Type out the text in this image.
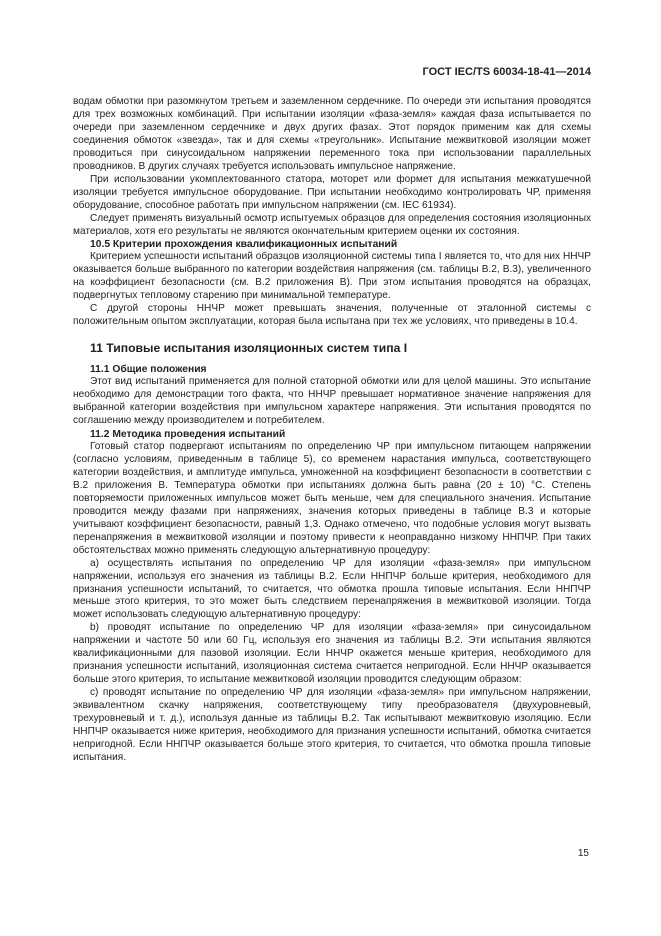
ГОСТ IEC/TS 60034-18-41—2014

водам обмотки при разомкнутом третьем и заземленном сердечнике. По очереди эти испытания проводятся для трех возможных комбинаций. При испытании изоляции «фаза-земля» каждая фаза испытывается по очереди при заземленном сердечнике и двух других фазах. Этот порядок применим как для схемы соединения обмоток «звезда», так и для схемы «треугольник». Испытание межвитковой изоляции может проводиться при синусоидальном напряжении переменного тока при использовании параллельных проводников. В других случаях требуется использовать импульсное напряжение.

При использовании укомплектованного статора, моторет или формет для испытания межкатушечной изоляции требуется импульсное оборудование. При испытании необходимо контролировать ЧР, применяя оборудование, способное работать при импульсном напряжении (см. IEC 61934).

Следует применять визуальный осмотр испытуемых образцов для определения состояния изоляционных материалов, хотя его результаты не являются окончательным критерием оценки их состояния.

10.5 Критерии прохождения квалификационных испытаний

Критерием успешности испытаний образцов изоляционной системы типа I является то, что для них ННЧР оказывается больше выбранного по категории воздействия напряжения (см. таблицы В.2, В.3), увеличенного на коэффициент безопасности (см. В.2 приложения В). При этом испытания проводятся на образцах, подвергнутых тепловому старению при минимальной температуре.

С другой стороны ННЧР может превышать значения, полученные от эталонной системы с положительным опытом эксплуатации, которая была испытана при тех же условиях, что приведены в 10.4.

11 Типовые испытания изоляционных систем типа I
11.1 Общие положения

Этот вид испытаний применяется для полной статорной обмотки или для целой машины. Это испытание необходимо для демонстрации того факта, что ННЧР превышает нормативное значение напряжения для выбранной категории воздействия при импульсном характере напряжения. Эти испытания проводятся по соглашению между производителем и потребителем.

11.2 Методика проведения испытаний

Готовый статор подвергают испытаниям по определению ЧР при импульсном питающем напряжении (согласно условиям, приведенным в таблице 5), со временем нарастания импульса, соответствующего категории воздействия, и амплитуде импульса, умноженной на коэффициент безопасности в соответствии с В.2 приложения В. Температура обмотки при испытаниях должна быть равна (20 ± 10) °С. Степень повторяемости приложенных импульсов может быть меньше, чем для специального значения. Испытание проводится между фазами при напряжениях, значения которых приведены в таблице В.3 и которые учитывают коэффициент безопасности, равный 1,3. Однако отмечено, что подобные условия могут вызвать перенапряжения в межвитковой изоляции и поэтому привести к неоправданно низкому ННПЧР. При таких обстоятельствах можно применять следующую альтернативную процедуру:

a) осуществлять испытания по определению ЧР для изоляции «фаза-земля» при импульсном напряжении, используя его значения из таблицы В.2. Если ННПЧР больше критерия, необходимого для признания успешности испытаний, то считается, что обмотка прошла типовые испытания. Если ННПЧР меньше этого критерия, то это может быть следствием перенапряжения в межвитковой изоляции. Тогда может использовать следующую альтернативную процедуру:

b) проводят испытание по определению ЧР для изоляции «фаза-земля» при синусоидальном напряжении и частоте 50 или 60 Гц, используя его значения из таблицы В.2. Эти испытания являются квалификационными для пазовой изоляции. Если ННЧР окажется меньше критерия, необходимого для признания успешности испытаний, изоляционная система считается непригодной. Если ННЧР оказывается больше этого критерия, то испытание межвитковой изоляции проводится следующим образом:

c) проводят испытание по определению ЧР для изоляции «фаза-земля» при импульсном напряжении, эквивалентном скачку напряжения, соответствующему типу преобразователя (двухуровневый, трехуровневый и т. д.), используя данные из таблицы В.2. Так испытывают межвитковую изоляцию. Если ННПЧР оказывается ниже критерия, необходимого для признания успешности испытаний, обмотка считается непригодной. Если ННПЧР оказывается больше этого критерия, то считается, что обмотка прошла типовые испытания.

15
